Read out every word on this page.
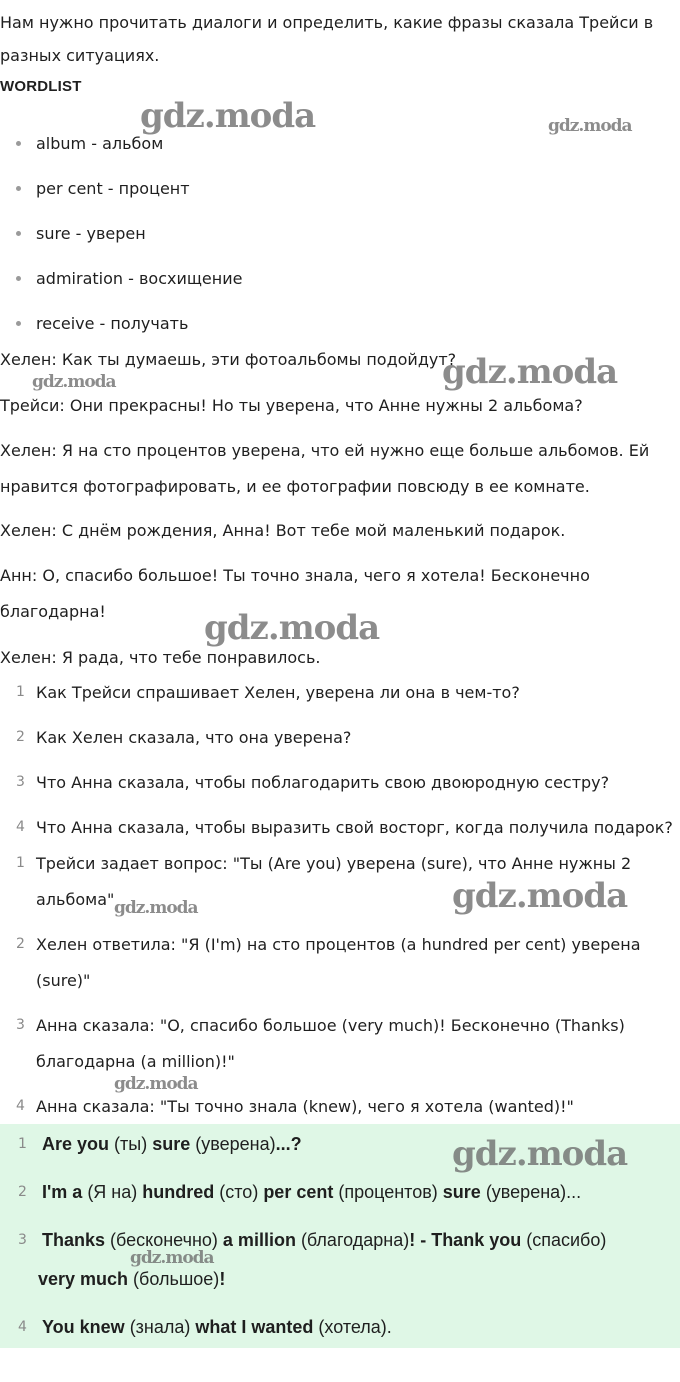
Нам нужно прочитать диалоги и определить, какие фразы сказала Трейси в разных ситуациях.

WORDLIST
album - альбом
per cent - процент
sure - уверен
admiration - восхищение
receive - получать

Хелен: Как ты думаешь, эти фотоальбомы подойдут?

Трейси: Они прекрасны! Но ты уверена, что Анне нужны 2 альбома?

Хелен: Я на сто процентов уверена, что ей нужно еще больше альбомов. Ей нравится фотографировать, и ее фотографии повсюду в ее комнате.

Хелен: С днём рождения, Анна! Вот тебе мой маленький подарок.

Анн: О, спасибо большое! Ты точно знала, чего я хотела! Бесконечно благодарна!

Хелен: Я рада, что тебе понравилось.

1 Как Трейси спрашивает Хелен, уверена ли она в чем-то?
2 Как Хелен сказала, что она уверена?
3 Что Анна сказала, чтобы поблагодарить свою двоюродную сестру?
4 Что Анна сказала, чтобы выразить свой восторг, когда получила подарок?
1 Трейси задает вопрос: "Ты (Are you) уверена (sure), что Анне нужны 2 альбома"
2 Хелен ответила: "Я (I'm) на сто процентов (a hundred per cent) уверена (sure)"
3 Анна сказала: "О, спасибо большое (very much)! Бесконечно (Thanks) благодарна (a million)!"
4 Анна сказала: "Ты точно знала (knew), чего я хотела (wanted)!"
1 Are you (ты) sure (уверена)...?
2 I'm a (Я на) hundred (сто) per cent (процентов) sure (уверена)...
3 Thanks (бесконечно) a million (благодарна)! - Thank you (спасибо)
very much (большое)!
4 You knew (знала) what I wanted (хотела).
gdz.moda	gdz.moda
gdz.moda
gdz.moda
gdz.moda
gdz.moda
gdz.moda
gdz.moda
gdz.moda
gdz.moda
